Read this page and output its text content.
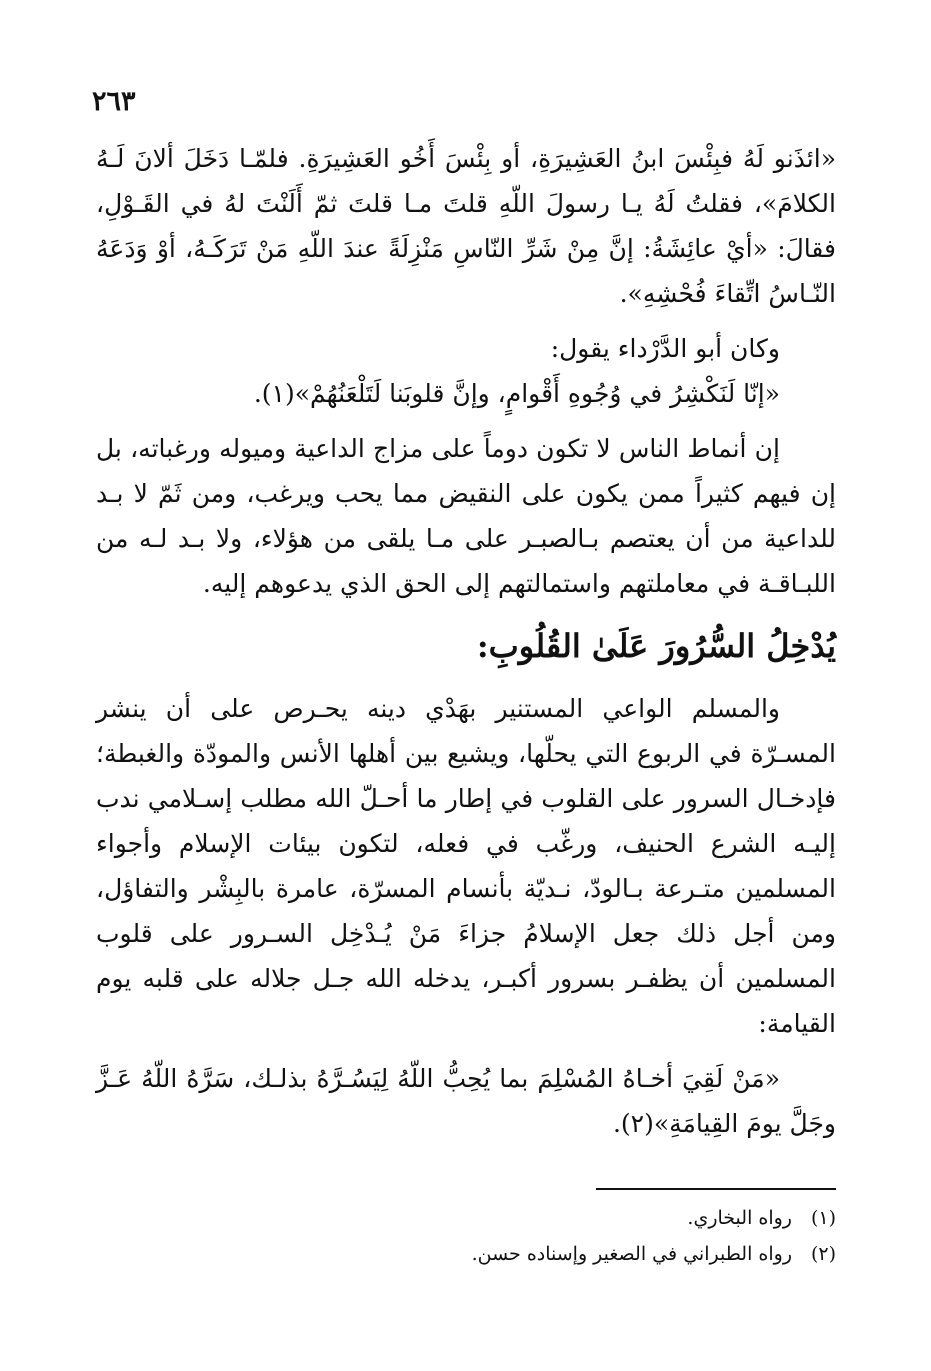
٢٦٣

«ائذَنو لَهُ فبِئْسَ ابنُ العَشِيرَةِ، أو بِئْسَ أَخُو العَشِيرَةِ. فلمّـا دَخَلَ ألانَ لَـهُ الكلامَ»، فقلتُ لَهُ يـا رسولَ اللّهِ قلتَ مـا قلتَ ثمّ أَلَنْتَ لهُ في القَـوْلِ، فقالَ: «أيْ عائِشَةُ: إنَّ مِنْ شَرِّ النّاسِ مَنْزِلَةً عندَ اللّهِ مَنْ تَرَكَـهُ، أوْ وَدَعَهُ النّـاسُ اتِّقاءَ فُحْشِهِ».

وكان أبو الدَّرْداء يقول:

«إنّا لَنَكْشِرُ في وُجُوهِ أَقْوامٍ، وإنَّ قلوبَنا لَتَلْعَنُهُمْ»(١).

إن أنماط الناس لا تكون دوماً على مزاج الداعية وميوله ورغباته، بل إن فيهم كثيراً ممن يكون على النقيض مما يحب ويرغب، ومن ثَمّ لا بـد للداعية من أن يعتصم بـالصبـر على مـا يلقى من هؤلاء، ولا بـد لـه من اللبـاقـة في معاملتهم واستمالتهم إلى الحق الذي يدعوهم إليه.

يُدْخِلُ السُّرُورَ عَلَىٰ القُلُوبِ:

والمسلم الواعي المستنير بهَدْي دينه يحـرص على أن ينشر المسـرّة في الربوع التي يحلّها، ويشيع بين أهلها الأنس والمودّة والغبطة؛ فإدخـال السرور على القلوب في إطار ما أحـلّ الله مطلب إسـلامي ندب إليـه الشرع الحنيف، ورغّب في فعله، لتكون بيئات الإسلام وأجواء المسلمين متـرعة بـالودّ، نـديّة بأنسام المسرّة، عامرة بالبِشْر والتفاؤل، ومن أجل ذلك جعل الإسلامُ جزاءَ مَنْ يُـدْخِل السـرور على قلوب المسلمين أن يظفـر بسرور أكبـر، يدخله الله جـل جلاله على قلبه يوم القيامة:

«مَنْ لَقِيَ أخـاهُ المُسْلِمَ بما يُحِبُّ اللّهُ لِيَسُـرَّهُ بذلـك، سَرَّهُ اللّهُ عَـزَّ وجَلَّ يومَ القِيامَةِ»(٢).

(١)رواه البخاري.
(٢)رواه الطبراني في الصغير وإسناده حسن.
